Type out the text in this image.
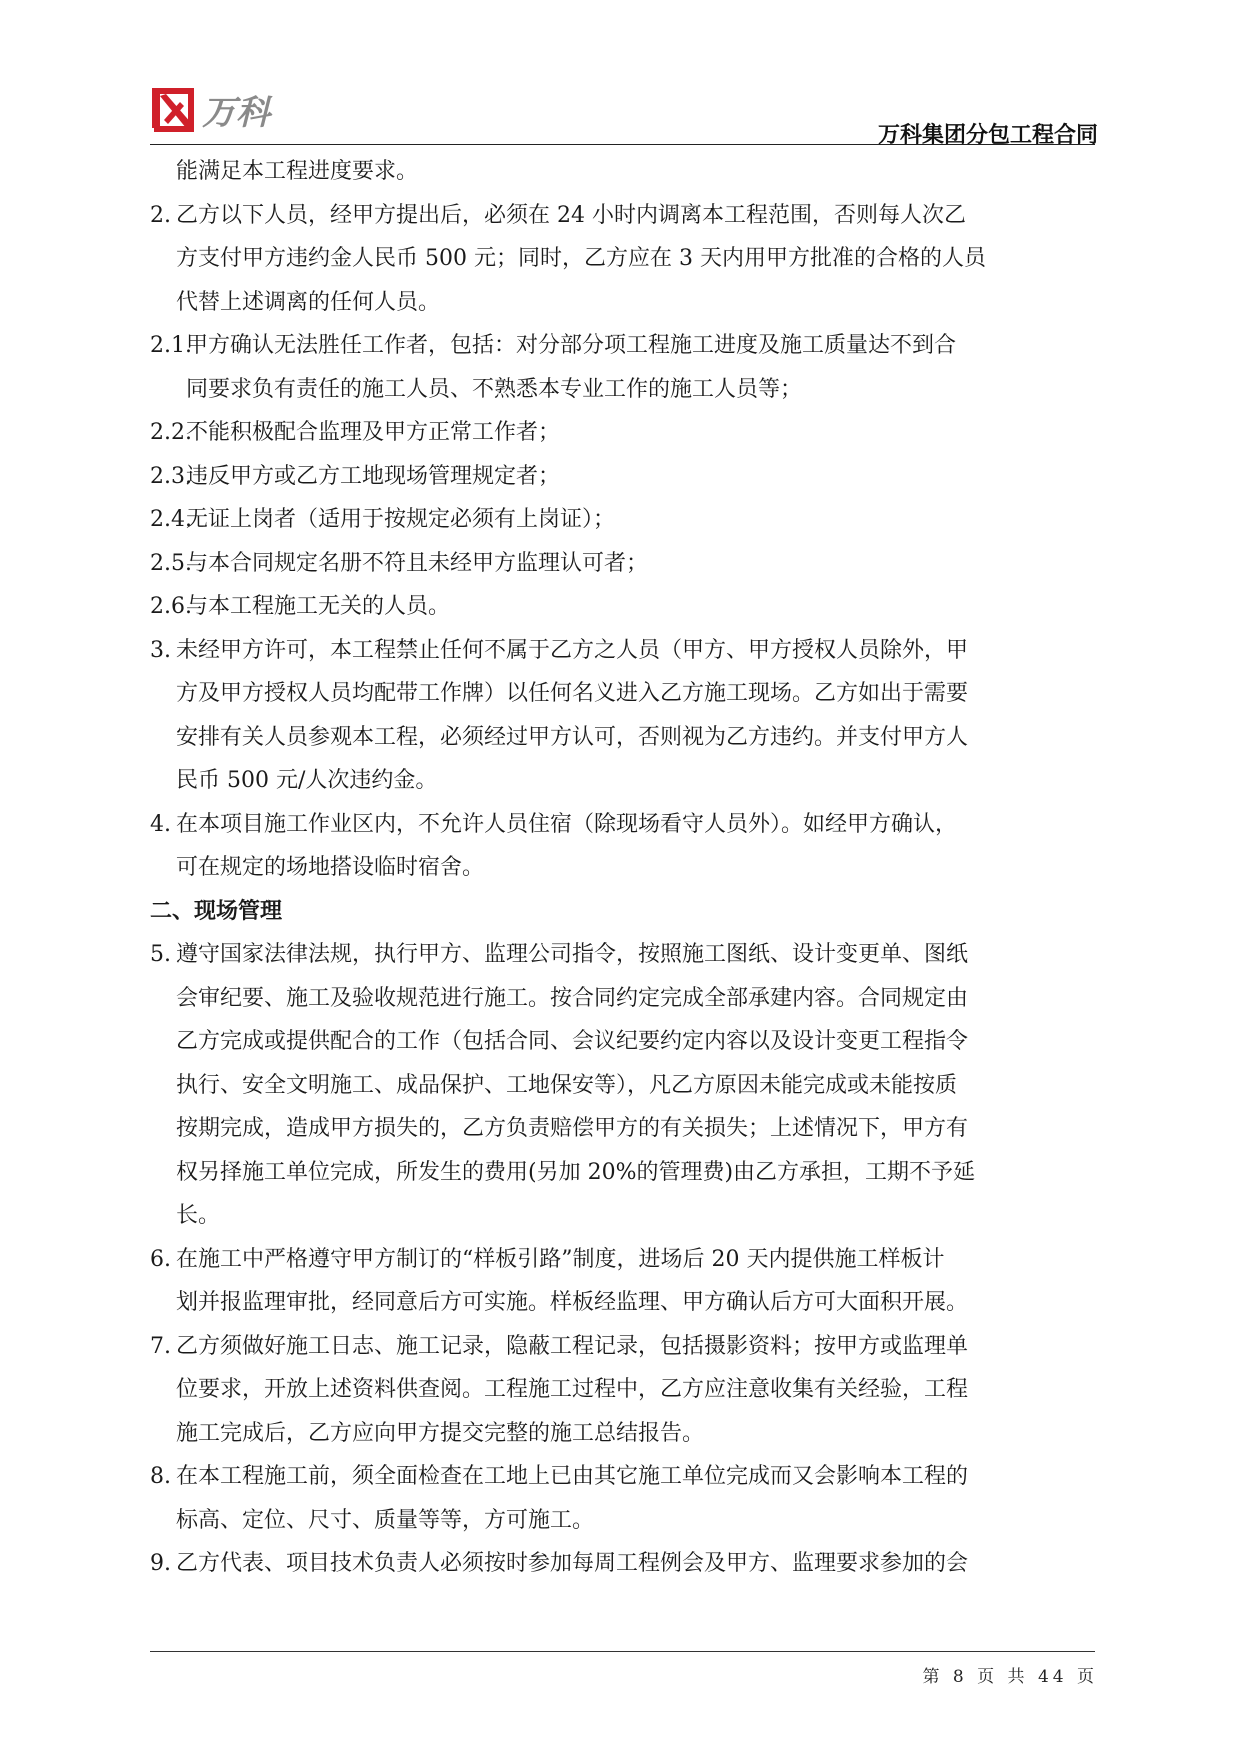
万科
万科集团分包工程合同
能满足本工程进度要求。
2. 乙方以下人员，经甲方提出后，必须在 24 小时内调离本工程范围，否则每人次乙
方支付甲方违约金人民币 500 元；同时，乙方应在 3 天内用甲方批准的合格的人员
代替上述调离的任何人员。
2.1.
甲方确认无法胜任工作者，包括：对分部分项工程施工进度及施工质量达不到合
同要求负有责任的施工人员、不熟悉本专业工作的施工人员等；
2.2.
不能积极配合监理及甲方正常工作者；
2.3.
违反甲方或乙方工地现场管理规定者；
2.4.
无证上岗者（适用于按规定必须有上岗证）；
2.5.
与本合同规定名册不符且未经甲方监理认可者；
2.6.
与本工程施工无关的人员。
3. 未经甲方许可，本工程禁止任何不属于乙方之人员（甲方、甲方授权人员除外，甲
方及甲方授权人员均配带工作牌）以任何名义进入乙方施工现场。乙方如出于需要
安排有关人员参观本工程，必须经过甲方认可，否则视为乙方违约。并支付甲方人
民币 500 元/人次违约金。
4. 在本项目施工作业区内，不允许人员住宿（除现场看守人员外）。如经甲方确认，
可在规定的场地搭设临时宿舍。
二、现场管理
5. 遵守国家法律法规，执行甲方、监理公司指令，按照施工图纸、设计变更单、图纸
会审纪要、施工及验收规范进行施工。按合同约定完成全部承建内容。合同规定由
乙方完成或提供配合的工作（包括合同、会议纪要约定内容以及设计变更工程指令
执行、安全文明施工、成品保护、工地保安等），凡乙方原因未能完成或未能按质
按期完成，造成甲方损失的，乙方负责赔偿甲方的有关损失；上述情况下，甲方有
权另择施工单位完成，所发生的费用(另加 20%的管理费)由乙方承担，工期不予延
长。
6. 在施工中严格遵守甲方制订的“样板引路”制度，进场后 20 天内提供施工样板计
划并报监理审批，经同意后方可实施。样板经监理、甲方确认后方可大面积开展。
7. 乙方须做好施工日志、施工记录，隐蔽工程记录，包括摄影资料；按甲方或监理单
位要求，开放上述资料供查阅。工程施工过程中，乙方应注意收集有关经验，工程
施工完成后，乙方应向甲方提交完整的施工总结报告。
8. 在本工程施工前，须全面检查在工地上已由其它施工单位完成而又会影响本工程的
标高、定位、尺寸、质量等等，方可施工。
9. 乙方代表、项目技术负责人必须按时参加每周工程例会及甲方、监理要求参加的会
第 8 页 共 44 页
